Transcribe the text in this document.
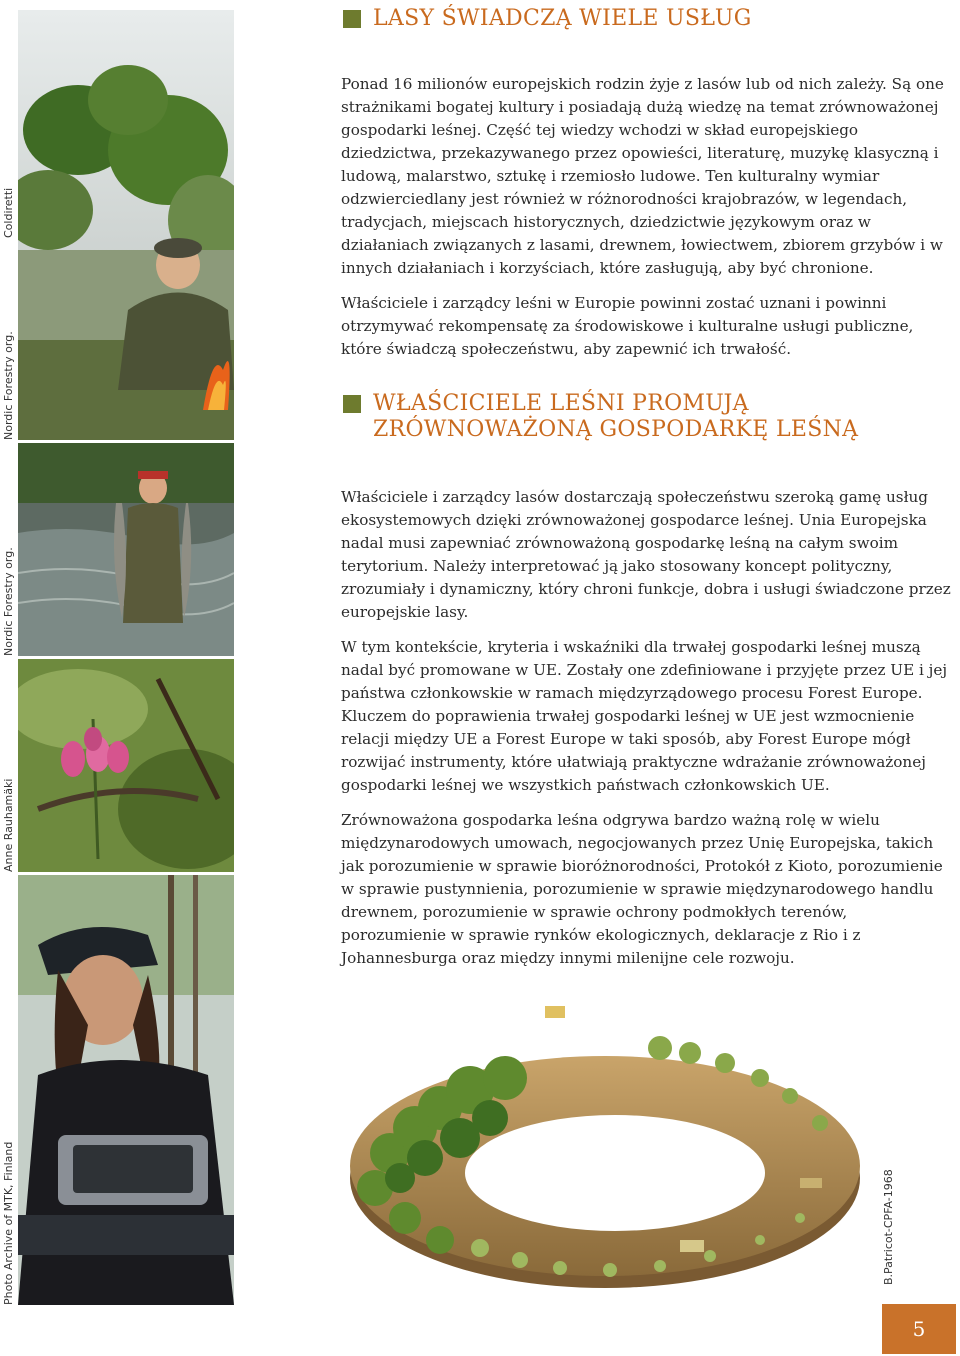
Coldiretti
Nordic Forestry org.
Nordic Forestry org.
Anne Rauhamäki
Photo Archive of MTK, Finland
LASY ŚWIADCZĄ WIELE USŁUG

Ponad 16 milionów europejskich rodzin żyje z lasów lub od nich zależy. Są one strażnikami bogatej kultury i posiadają dużą wiedzę na temat zrównoważonej gospodarki leśnej. Część tej wiedzy wchodzi w skład europejskiego dziedzictwa, przekazywanego przez opowieści, literaturę, muzykę klasyczną i ludową, malarstwo, sztukę i rzemiosło ludowe. Ten kulturalny wymiar odzwierciedlany jest również w różnorodności krajobrazów, w legendach, tradycjach, miejscach historycznych, dziedzictwie językowym oraz w działaniach związanych z lasami, drewnem, łowiectwem, zbiorem grzybów i w innych działaniach i korzyściach, które zasługują, aby być chronione.

Właściciele i zarządcy leśni w Europie powinni zostać uznani i powinni otrzymywać rekompensatę za środowiskowe i kulturalne usługi publiczne, które świadczą społeczeństwu, aby zapewnić ich trwałość.

WŁAŚCICIELE LEŚNI PROMUJĄ
ZRÓWNOWAŻONĄ GOSPODARKĘ LEŚNĄ

Właściciele i zarządcy lasów dostarczają społeczeństwu szeroką gamę usług ekosystemowych dzięki zrównoważonej gospodarce leśnej. Unia Europejska nadal musi zapewniać zrównoważoną gospodarkę leśną na całym swoim terytorium. Należy interpretować ją jako stosowany koncept polityczny, zrozumiały i dynamiczny, który chroni funkcje, dobra i usługi świadczone przez europejskie lasy.

W tym kontekście, kryteria i wskaźniki dla trwałej gospodarki leśnej muszą nadal być promowane w UE. Zostały one zdefiniowane i przyjęte przez UE i jej państwa członkowskie w ramach międzyrządowego procesu Forest Europe. Kluczem do poprawienia trwałej gospodarki leśnej w UE jest wzmocnienie relacji między UE a Forest Europe w taki sposób, aby Forest Europe mógł rozwijać instrumenty, które ułatwiają praktyczne wdrażanie zrównoważonej gospodarki leśnej we wszystkich państwach członkowskich UE.

Zrównoważona gospodarka leśna odgrywa bardzo ważną rolę w wielu międzynarodowych umowach, negocjowanych przez Unię Europejska, takich jak porozumienie w sprawie bioróżnorodności, Protokół z Kioto, porozumienie w sprawie pustynnienia, porozumienie w sprawie międzynarodowego handlu drewnem, porozumienie w sprawie ochrony podmokłych terenów, porozumienie w sprawie rynków ekologicznych, deklaracje z Rio i z Johannesburga oraz między innymi milenijne cele rozwoju.

B.Patricot-CPFA-1968
5
